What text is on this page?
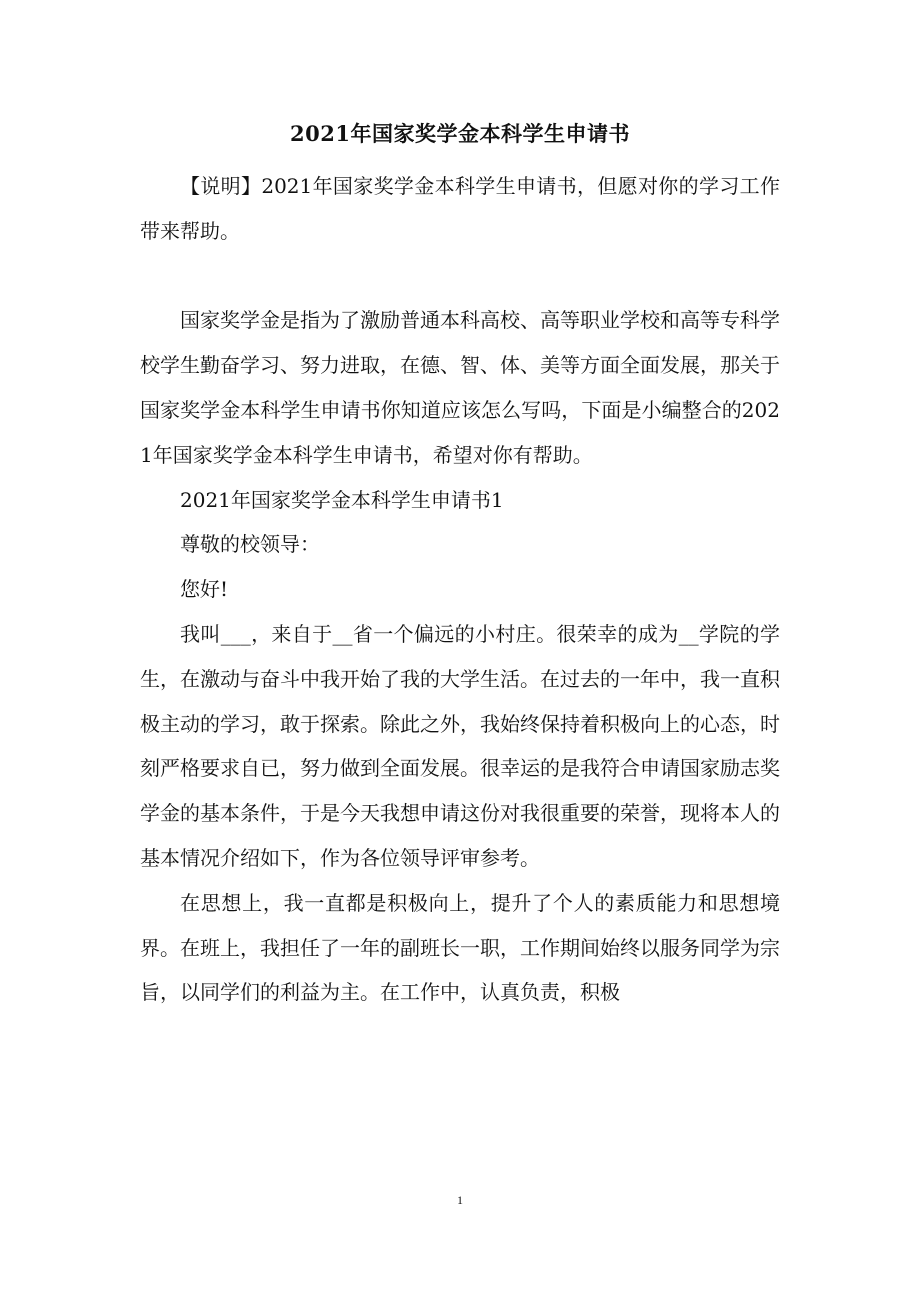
2021年国家奖学金本科学生申请书

【说明】2021年国家奖学金本科学生申请书，但愿对你的学习工作带来帮助。

国家奖学金是指为了激励普通本科高校、高等职业学校和高等专科学校学生勤奋学习、努力进取，在德、智、体、美等方面全面发展，那关于国家奖学金本科学生申请书你知道应该怎么写吗，下面是小编整合的2021年国家奖学金本科学生申请书，希望对你有帮助。

2021年国家奖学金本科学生申请书1

尊敬的校领导：

您好!

我叫___，来自于__省一个偏远的小村庄。很荣幸的成为__学院的学生，在激动与奋斗中我开始了我的大学生活。在过去的一年中，我一直积极主动的学习，敢于探索。除此之外，我始终保持着积极向上的心态，时刻严格要求自已，努力做到全面发展。很幸运的是我符合申请国家励志奖学金的基本条件，于是今天我想申请这份对我很重要的荣誉，现将本人的基本情况介绍如下，作为各位领导评审参考。

在思想上，我一直都是积极向上，提升了个人的素质能力和思想境界。在班上，我担任了一年的副班长一职，工作期间始终以服务同学为宗旨，以同学们的利益为主。在工作中，认真负责，积极

1
